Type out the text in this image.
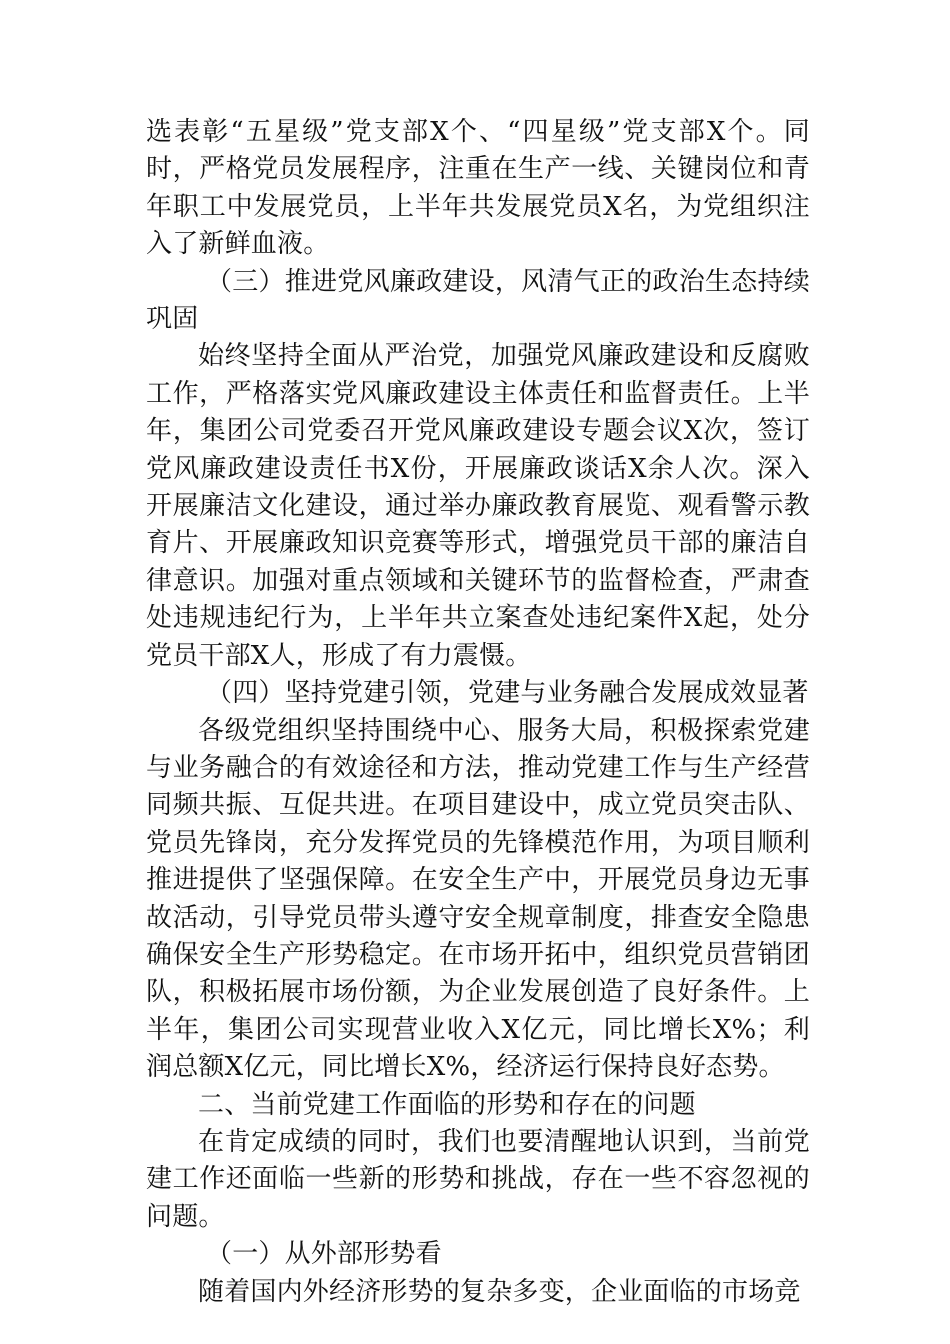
选表彰“五星级”党支部X个、“四星级”党支部X个。同时，严格党员发展程序，注重在生产一线、关键岗位和青年职工中发展党员，上半年共发展党员X名，为党组织注入了新鲜血液。

（三）推进党风廉政建设，风清气正的政治生态持续巩固

始终坚持全面从严治党，加强党风廉政建设和反腐败工作，严格落实党风廉政建设主体责任和监督责任。上半年，集团公司党委召开党风廉政建设专题会议X次，签订党风廉政建设责任书X份，开展廉政谈话X余人次。深入开展廉洁文化建设，通过举办廉政教育展览、观看警示教育片、开展廉政知识竞赛等形式，增强党员干部的廉洁自律意识。加强对重点领域和关键环节的监督检查，严肃查处违规违纪行为，上半年共立案查处违纪案件X起，处分党员干部X人，形成了有力震慑。

（四）坚持党建引领，党建与业务融合发展成效显著

各级党组织坚持围绕中心、服务大局，积极探索党建与业务融合的有效途径和方法，推动党建工作与生产经营同频共振、互促共进。在项目建设中，成立党员突击队、党员先锋岗，充分发挥党员的先锋模范作用，为项目顺利推进提供了坚强保障。在安全生产中，开展党员身边无事故活动，引导党员带头遵守安全规章制度，排查安全隐患确保安全生产形势稳定。在市场开拓中，组织党员营销团队，积极拓展市场份额，为企业发展创造了良好条件。上半年，集团公司实现营业收入X亿元，同比增长X%；利润总额X亿元，同比增长X%，经济运行保持良好态势。

二、当前党建工作面临的形势和存在的问题

在肯定成绩的同时，我们也要清醒地认识到，当前党建工作还面临一些新的形势和挑战，存在一些不容忽视的问题。

（一）从外部形势看

随着国内外经济形势的复杂多变，企业面临的市场竞
